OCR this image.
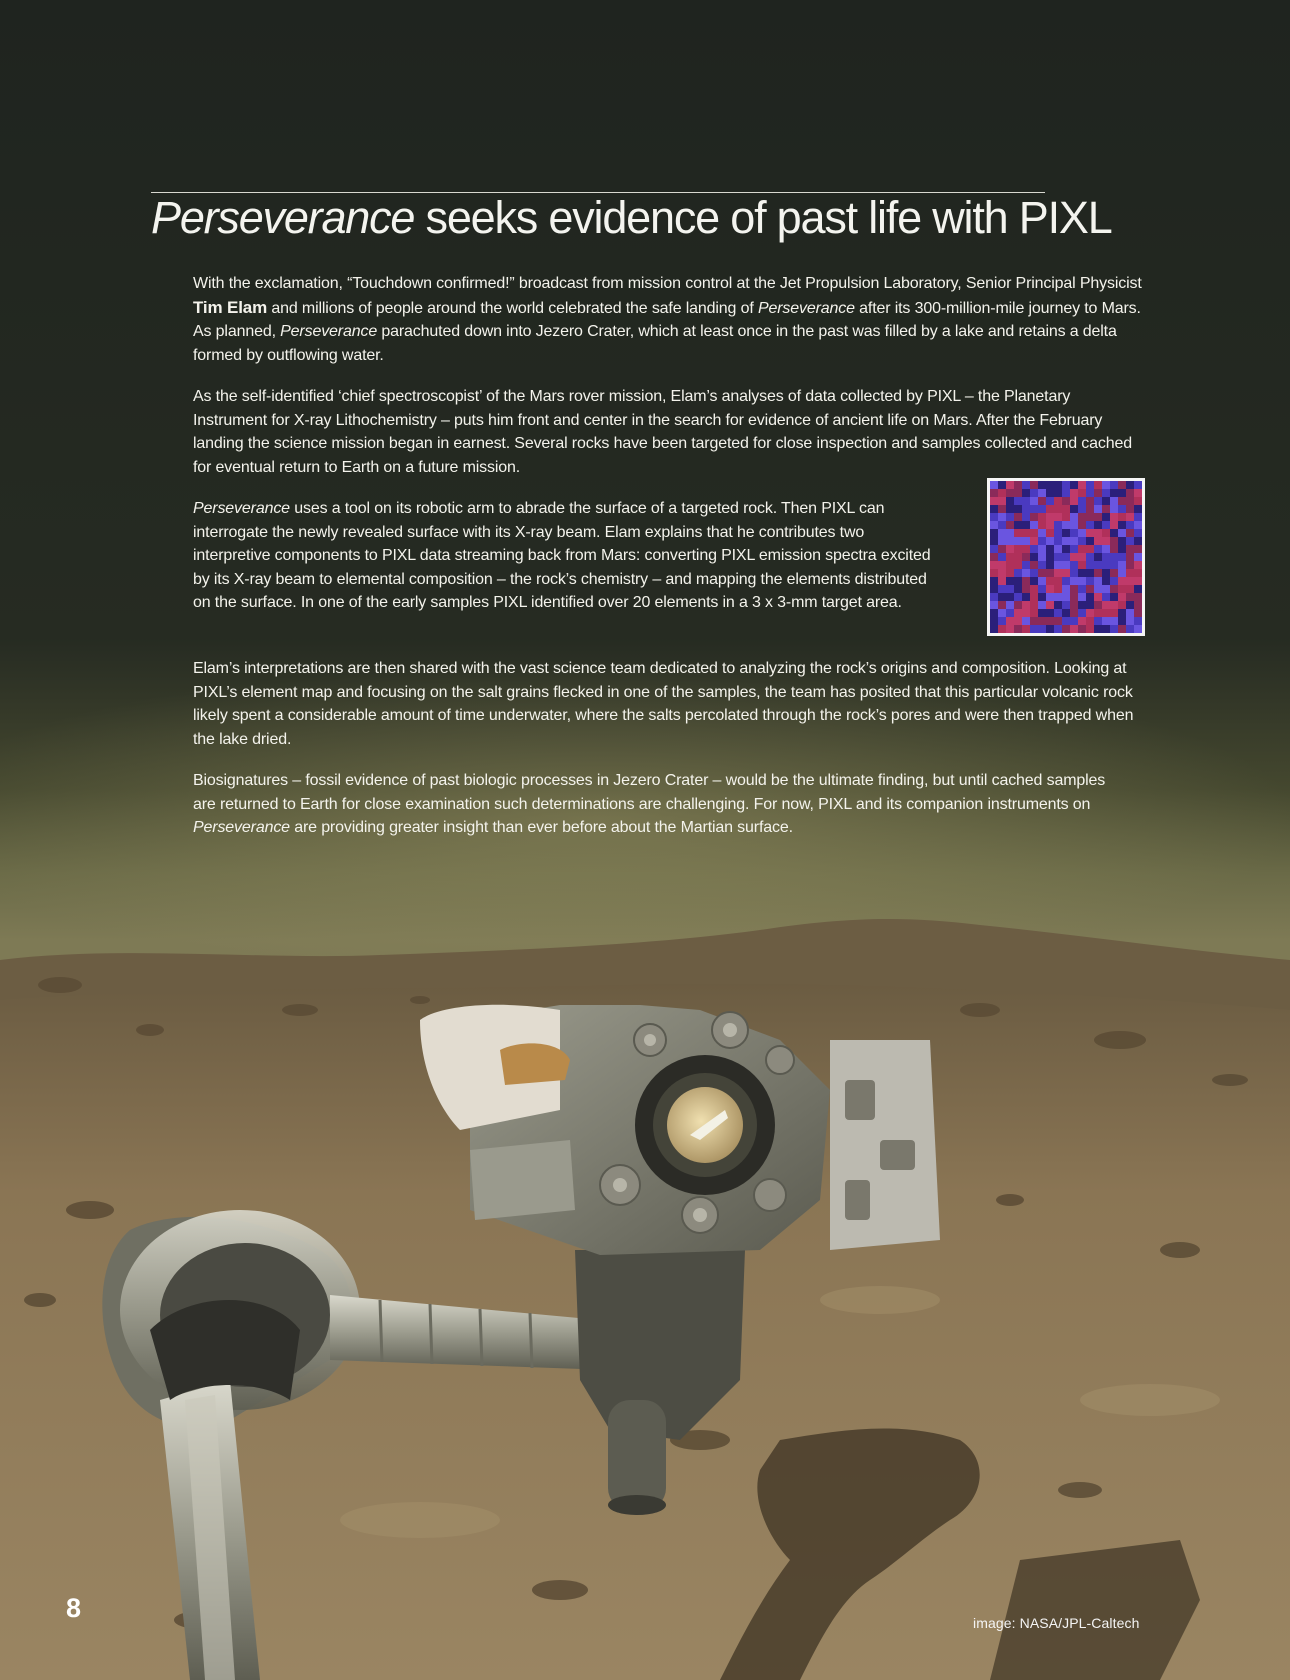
Perseverance seeks evidence of past life with PIXL

With the exclamation, “Touchdown confirmed!” broadcast from mission control at the Jet Propulsion Laboratory, Senior Principal Physicist Tim Elam and millions of people around the world celebrated the safe landing of Perseverance after its 300-million-mile journey to Mars. As planned, Perseverance parachuted down into Jezero Crater, which at least once in the past was filled by a lake and retains a delta formed by outflowing water.

As the self-identified ‘chief spectroscopist’ of the Mars rover mission, Elam’s analyses of data collected by PIXL – the Planetary Instrument for X-ray Lithochemistry – puts him front and center in the search for evidence of ancient life on Mars. After the February landing the science mission began in earnest. Several rocks have been targeted for close inspection and samples collected and cached for eventual return to Earth on a future mission.

Perseverance uses a tool on its robotic arm to abrade the surface of a targeted rock. Then PIXL can interrogate the newly revealed surface with its X-ray beam. Elam explains that he contributes two interpretive components to PIXL data streaming back from Mars: converting PIXL emission spectra excited by its X-ray beam to elemental composition – the rock’s chemistry – and mapping the elements distributed on the surface. In one of the early samples PIXL identified over 20 elements in a 3 x 3-mm target area.

Elam’s interpretations are then shared with the vast science team dedicated to analyzing the rock’s origins and composition. Looking at PIXL’s element map and focusing on the salt grains flecked in one of the samples, the team has posited that this particular volcanic rock likely spent a considerable amount of time underwater, where the salts percolated through the rock’s pores and were then trapped when the lake dried.

Biosignatures – fossil evidence of past biologic processes in Jezero Crater – would be the ultimate finding, but until cached samples are returned to Earth for close examination such determinations are challenging. For now, PIXL and its companion instruments on Perseverance are providing greater insight than ever before about the Martian surface.

8	image: NASA/JPL-Caltech
